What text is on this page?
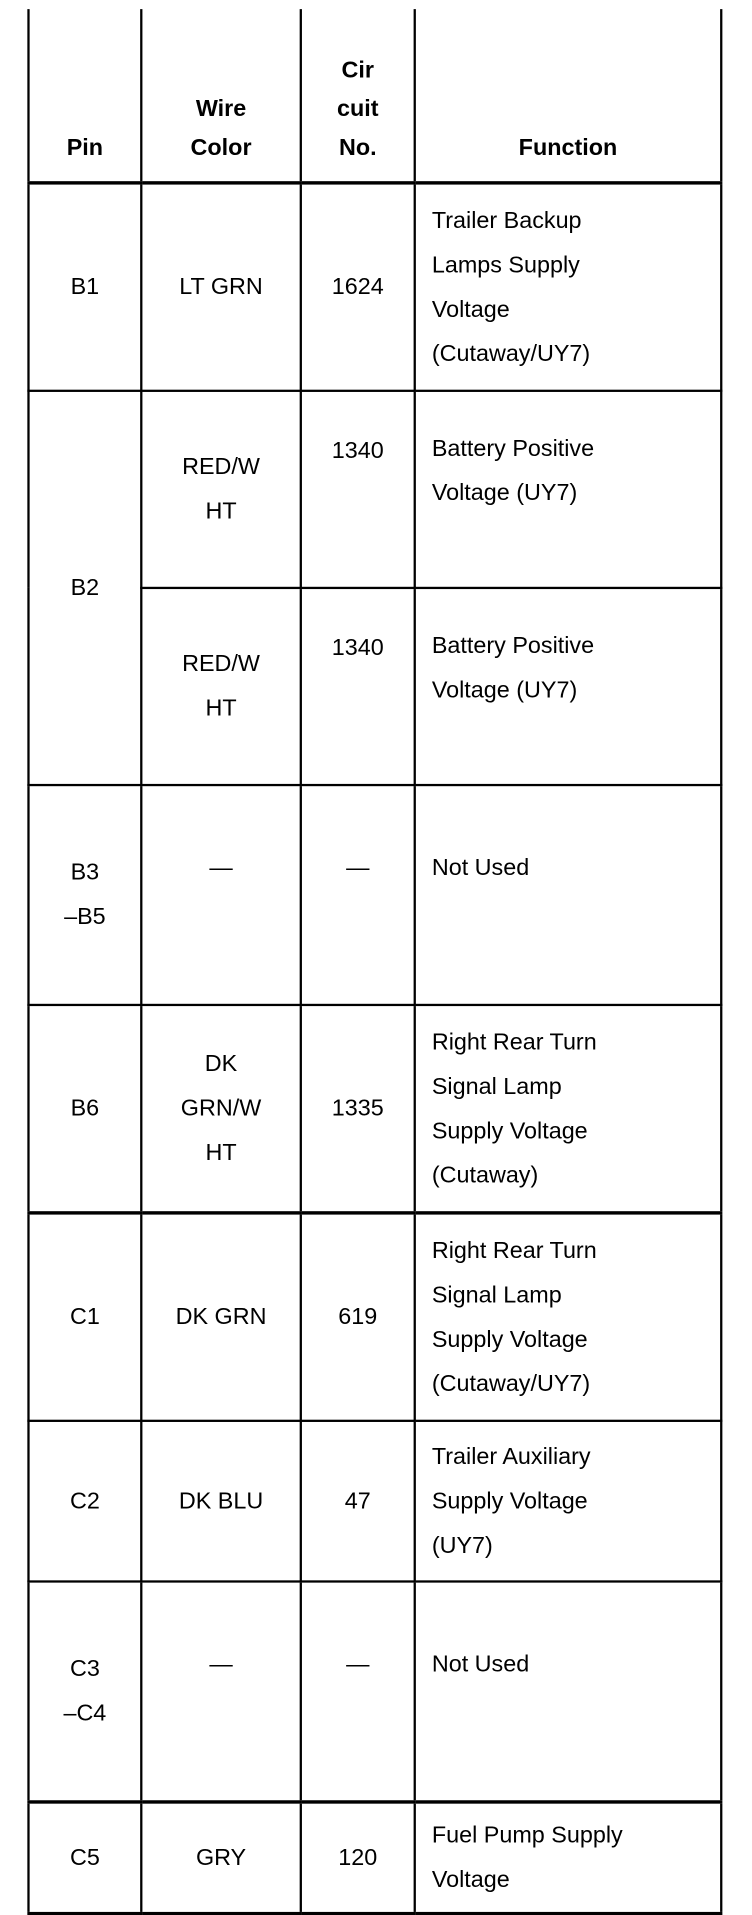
Pin	Wire
Color	Cir
cuit
No.	Function
B1	LT GRN	1624	Trailer Backup
Lamps Supply
Voltage
(Cutaway/UY7)

B2	RED/W
HT	1340	Battery Positive
Voltage (UY7)

	RED/W
HT	1340	Battery Positive
Voltage (UY7)

B3
–B5	—	—	Not Used
B6	DK
GRN/W
HT	1335	Right Rear Turn
Signal Lamp
Supply Voltage
(Cutaway)

C1	DK GRN	619	Right Rear Turn
Signal Lamp
Supply Voltage
(Cutaway/UY7)

C2	DK BLU	47	Trailer Auxiliary
Supply Voltage
(UY7)

C3
–C4	—	—	Not Used
C5	GRY	120	Fuel Pump Supply
Voltage
